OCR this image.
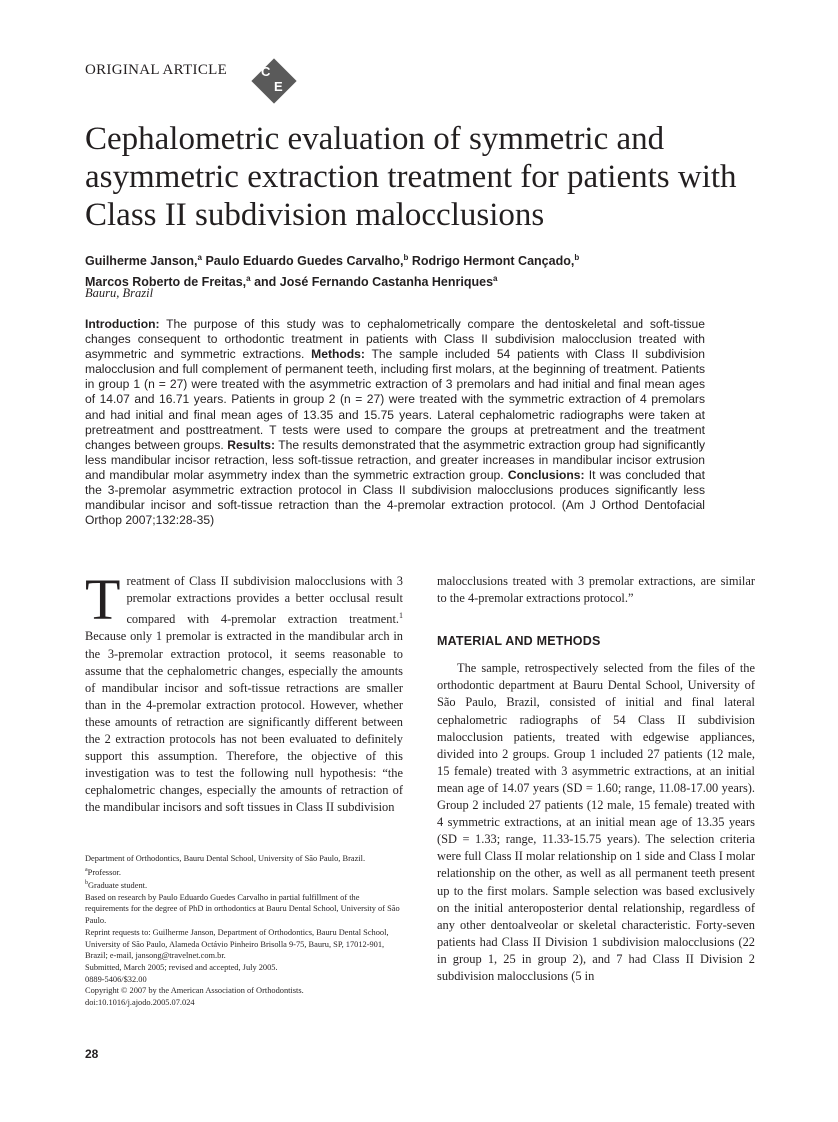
ORIGINAL ARTICLE	C
E
Cephalometric evaluation of symmetric and asymmetric extraction treatment for patients with Class II subdivision malocclusions
Guilherme Janson,$^a$ Paulo Eduardo Guedes Carvalho,$^b$ Rodrigo Hermont Cançado,$^b$
Marcos Roberto de Freitas,$^a$ and José Fernando Castanha Henriques$^a$
Bauru, Brazil

Introduction: The purpose of this study was to cephalometrically compare the dentoskeletal and soft-tissue changes consequent to orthodontic treatment in patients with Class II subdivision malocclusion treated with asymmetric and symmetric extractions. Methods: The sample included 54 patients with Class II subdivision malocclusion and full complement of permanent teeth, including first molars, at the beginning of treatment. Patients in group 1 (n = 27) were treated with the asymmetric extraction of 3 premolars and had initial and final mean ages of 14.07 and 16.71 years. Patients in group 2 (n = 27) were treated with the symmetric extraction of 4 premolars and had initial and final mean ages of 13.35 and 15.75 years. Lateral cephalometric radiographs were taken at pretreatment and posttreatment. T tests were used to compare the groups at pretreatment and the treatment changes between groups. Results: The results demonstrated that the asymmetric extraction group had significantly less mandibular incisor retraction, less soft-tissue retraction, and greater increases in mandibular incisor extrusion and mandibular molar asymmetry index than the symmetric extraction group. Conclusions: It was concluded that the 3-premolar asymmetric extraction protocol in Class II subdivision malocclusions produces significantly less mandibular incisor and soft-tissue retraction than the 4-premolar extraction protocol. (Am J Orthod Dentofacial Orthop 2007;132:28-35)

Treatment of Class II subdivision malocclusions with 3 premolar extractions provides a better occlusal result compared with 4-premolar extraction treatment.$^1$ Because only 1 premolar is extracted in the mandibular arch in the 3-premolar extraction protocol, it seems reasonable to assume that the cephalometric changes, especially the amounts of mandibular incisor and soft-tissue retractions are smaller than in the 4-premolar extraction protocol. However, whether these amounts of retraction are significantly different between the 2 extraction protocols has not been evaluated to definitely support this assumption. Therefore, the objective of this investigation was to test the following null hypothesis: “the cephalometric changes, especially the amounts of retraction of the mandibular incisors and soft tissues in Class II subdivision

Department of Orthodontics, Bauru Dental School, University of São Paulo, Brazil.
$^a$Professor.
$^b$Graduate student.
Based on research by Paulo Eduardo Guedes Carvalho in partial fulfillment of the requirements for the degree of PhD in orthodontics at Bauru Dental School, University of São Paulo.
Reprint requests to: Guilherme Janson, Department of Orthodontics, Bauru Dental School, University of São Paulo, Alameda Octávio Pinheiro Brisolla 9-75, Bauru, SP, 17012-901, Brazil; e-mail, jansong@travelnet.com.br.
Submitted, March 2005; revised and accepted, July 2005.
0889-5406/$32.00
Copyright © 2007 by the American Association of Orthodontists.
doi:10.1016/j.ajodo.2005.07.024

malocclusions treated with 3 premolar extractions, are similar to the 4-premolar extractions protocol.”

MATERIAL AND METHODS

The sample, retrospectively selected from the files of the orthodontic department at Bauru Dental School, University of São Paulo, Brazil, consisted of initial and final lateral cephalometric radiographs of 54 Class II subdivision malocclusion patients, treated with edgewise appliances, divided into 2 groups. Group 1 included 27 patients (12 male, 15 female) treated with 3 asymmetric extractions, at an initial mean age of 14.07 years (SD = 1.60; range, 11.08-17.00 years). Group 2 included 27 patients (12 male, 15 female) treated with 4 symmetric extractions, at an initial mean age of 13.35 years (SD = 1.33; range, 11.33-15.75 years). The selection criteria were full Class II molar relationship on 1 side and Class I molar relationship on the other, as well as all permanent teeth present up to the first molars. Sample selection was based exclusively on the initial anteroposterior dental relationship, regardless of any other dentoalveolar or skeletal characteristic. Forty-seven patients had Class II Division 1 subdivision malocclusions (22 in group 1, 25 in group 2), and 7 had Class II Division 2 subdivision malocclusions (5 in

28
